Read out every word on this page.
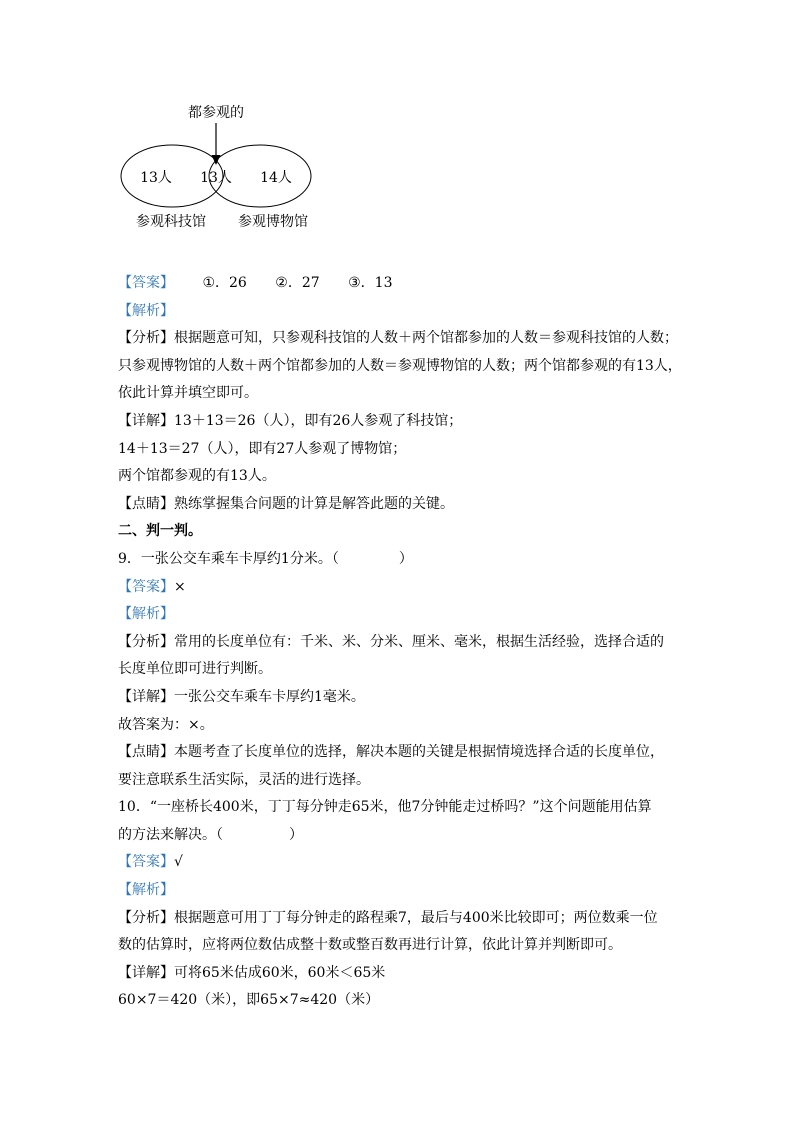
都参观的
13人 13人 14人
参观科技馆 参观博物馆
【答案】 ①．26 ②．27 ③．13
【解析】
【分析】根据题意可知，只参观科技馆的人数＋两个馆都参加的人数＝参观科技馆的人数；
只参观博物馆的人数＋两个馆都参加的人数＝参观博物馆的人数；两个馆都参观的有13人，
依此计算并填空即可。
【详解】13＋13＝26（人），即有26人参观了科技馆；
14＋13＝27（人），即有27人参观了博物馆；
两个馆都参观的有13人。
【点睛】熟练掌握集合问题的计算是解答此题的关键。
二、判一判。
9．一张公交车乘车卡厚约1分米。（	）
【答案】×
【解析】
【分析】常用的长度单位有：千米、米、分米、厘米、毫米，根据生活经验，选择合适的
长度单位即可进行判断。
【详解】一张公交车乘车卡厚约1毫米。
故答案为：×。
【点睛】本题考查了长度单位的选择，解决本题的关键是根据情境选择合适的长度单位，
要注意联系生活实际，灵活的进行选择。
10．“一座桥长400米，丁丁每分钟走65米，他7分钟能走过桥吗？”这个问题能用估算
的方法来解决。（	）
【答案】√
【解析】
【分析】根据题意可用丁丁每分钟走的路程乘7，最后与400米比较即可；两位数乘一位
数的估算时，应将两位数估成整十数或整百数再进行计算，依此计算并判断即可。
【详解】可将65米估成60米，60米＜65米
60×7＝420（米），即65×7≈420（米）
